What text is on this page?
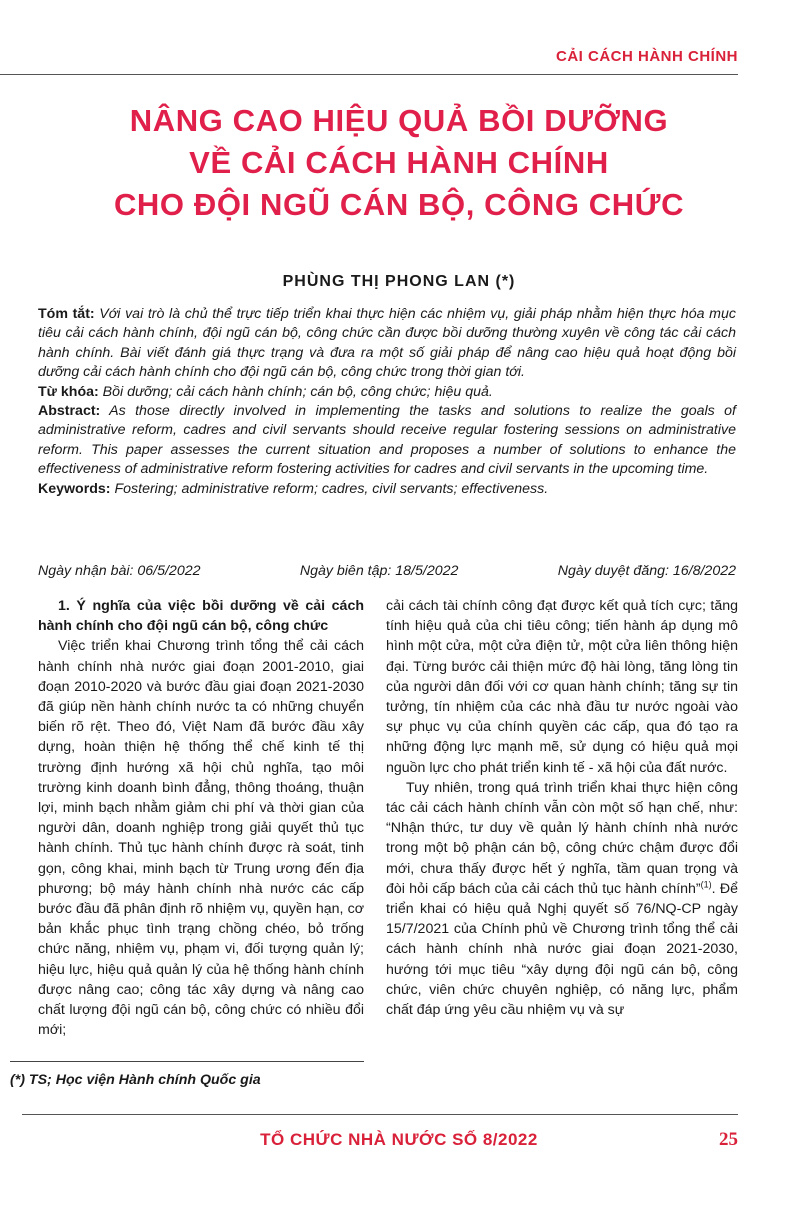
CẢI CÁCH HÀNH CHÍNH
NÂNG CAO HIỆU QUẢ BỒI DƯỠNG
VỀ CẢI CÁCH HÀNH CHÍNH
CHO ĐỘI NGŨ CÁN BỘ, CÔNG CHỨC
PHÙNG THỊ PHONG LAN (*)

Tóm tắt: Với vai trò là chủ thể trực tiếp triển khai thực hiện các nhiệm vụ, giải pháp nhằm hiện thực hóa mục tiêu cải cách hành chính, đội ngũ cán bộ, công chức cần được bồi dưỡng thường xuyên về công tác cải cách hành chính. Bài viết đánh giá thực trạng và đưa ra một số giải pháp để nâng cao hiệu quả hoạt động bồi dưỡng cải cách hành chính cho đội ngũ cán bộ, công chức trong thời gian tới.

Từ khóa: Bồi dưỡng; cải cách hành chính; cán bộ, công chức; hiệu quả.

Abstract: As those directly involved in implementing the tasks and solutions to realize the goals of administrative reform, cadres and civil servants should receive regular fostering sessions on administrative reform. This paper assesses the current situation and proposes a number of solutions to enhance the effectiveness of administrative reform fostering activities for cadres and civil servants in the upcoming time.

Keywords: Fostering; administrative reform; cadres, civil servants; effectiveness.

Ngày nhận bài: 06/5/2022	Ngày biên tập: 18/5/2022	Ngày duyệt đăng: 16/8/2022

1. Ý nghĩa của việc bồi dưỡng về cải cách hành chính cho đội ngũ cán bộ, công chức

Việc triển khai Chương trình tổng thể cải cách hành chính nhà nước giai đoạn 2001-2010, giai đoạn 2010-2020 và bước đầu giai đoạn 2021-2030 đã giúp nền hành chính nước ta có những chuyển biến rõ rệt. Theo đó, Việt Nam đã bước đầu xây dựng, hoàn thiện hệ thống thể chế kinh tế thị trường định hướng xã hội chủ nghĩa, tạo môi trường kinh doanh bình đẳng, thông thoáng, thuận lợi, minh bạch nhằm giảm chi phí và thời gian của người dân, doanh nghiệp trong giải quyết thủ tục hành chính. Thủ tục hành chính được rà soát, tinh gọn, công khai, minh bạch từ Trung ương đến địa phương; bộ máy hành chính nhà nước các cấp bước đầu đã phân định rõ nhiệm vụ, quyền hạn, cơ bản khắc phục tình trạng chồng chéo, bỏ trống chức năng, nhiệm vụ, phạm vi, đối tượng quản lý; hiệu lực, hiệu quả quản lý của hệ thống hành chính được nâng cao; công tác xây dựng và nâng cao chất lượng đội ngũ cán bộ, công chức có nhiều đổi mới;

cải cách tài chính công đạt được kết quả tích cực; tăng tính hiệu quả của chi tiêu công; tiến hành áp dụng mô hình một cửa, một cửa điện tử, một cửa liên thông hiện đại. Từng bước cải thiện mức độ hài lòng, tăng lòng tin của người dân đối với cơ quan hành chính; tăng sự tin tưởng, tín nhiệm của các nhà đầu tư nước ngoài vào sự phục vụ của chính quyền các cấp, qua đó tạo ra những động lực mạnh mẽ, sử dụng có hiệu quả mọi nguồn lực cho phát triển kinh tế - xã hội của đất nước.

Tuy nhiên, trong quá trình triển khai thực hiện công tác cải cách hành chính vẫn còn một số hạn chế, như: “Nhận thức, tư duy về quản lý hành chính nhà nước trong một bộ phận cán bộ, công chức chậm được đổi mới, chưa thấy được hết ý nghĩa, tầm quan trọng và đòi hỏi cấp bách của cải cách thủ tục hành chính”$^{(1)}$. Để triển khai có hiệu quả Nghị quyết số 76/NQ-CP ngày 15/7/2021 của Chính phủ về Chương trình tổng thể cải cách hành chính nhà nước giai đoạn 2021-2030, hướng tới mục tiêu “xây dựng đội ngũ cán bộ, công chức, viên chức chuyên nghiệp, có năng lực, phẩm chất đáp ứng yêu cầu nhiệm vụ và sự

(*) TS; Học viện Hành chính Quốc gia
TỔ CHỨC NHÀ NƯỚC SỐ 8/2022	25
